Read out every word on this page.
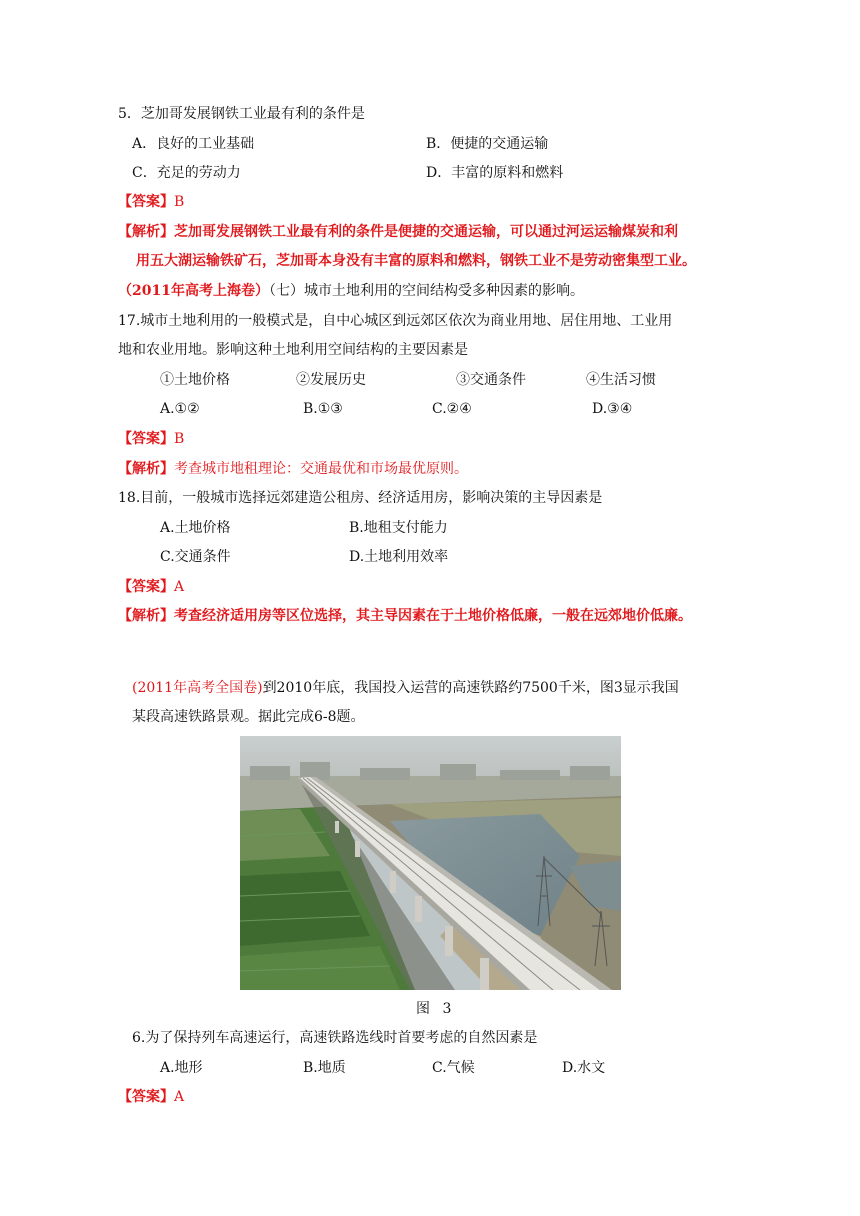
5．芝加哥发展钢铁工业最有利的条件是
A．良好的工业基础	B．便捷的交通运输
C．充足的劳动力	D．丰富的原料和燃料
【答案】B
【解析】芝加哥发展钢铁工业最有利的条件是便捷的交通运输，可以通过河运运输煤炭和利
用五大湖运输铁矿石，芝加哥本身没有丰富的原料和燃料，钢铁工业不是劳动密集型工业。
（2011年高考上海卷）（七）城市土地利用的空间结构受多种因素的影响。
17.城市土地利用的一般模式是，自中心城区到远郊区依次为商业用地、居住用地、工业用
地和农业用地。影响这种土地利用空间结构的主要因素是
①土地价格	②发展历史	③交通条件	④生活习惯
A.①②	B.①③	C.②④	D.③④
【答案】B
【解析】考查城市地租理论：交通最优和市场最优原则。
18.目前，一般城市选择远郊建造公租房、经济适用房，影响决策的主导因素是
A.土地价格	B.地租支付能力
C.交通条件	D.土地利用效率
【答案】A
【解析】考查经济适用房等区位选择，其主导因素在于土地价格低廉，一般在远郊地价低廉。
(2011年高考全国卷)到2010年底，我国投入运营的高速铁路约7500千米，图3显示我国
某段高速铁路景观。据此完成6-8题。
图 3
6.为了保持列车高速运行，高速铁路选线时首要考虑的自然因素是
A.地形	B.地质	C.气候	D.水文
【答案】A
